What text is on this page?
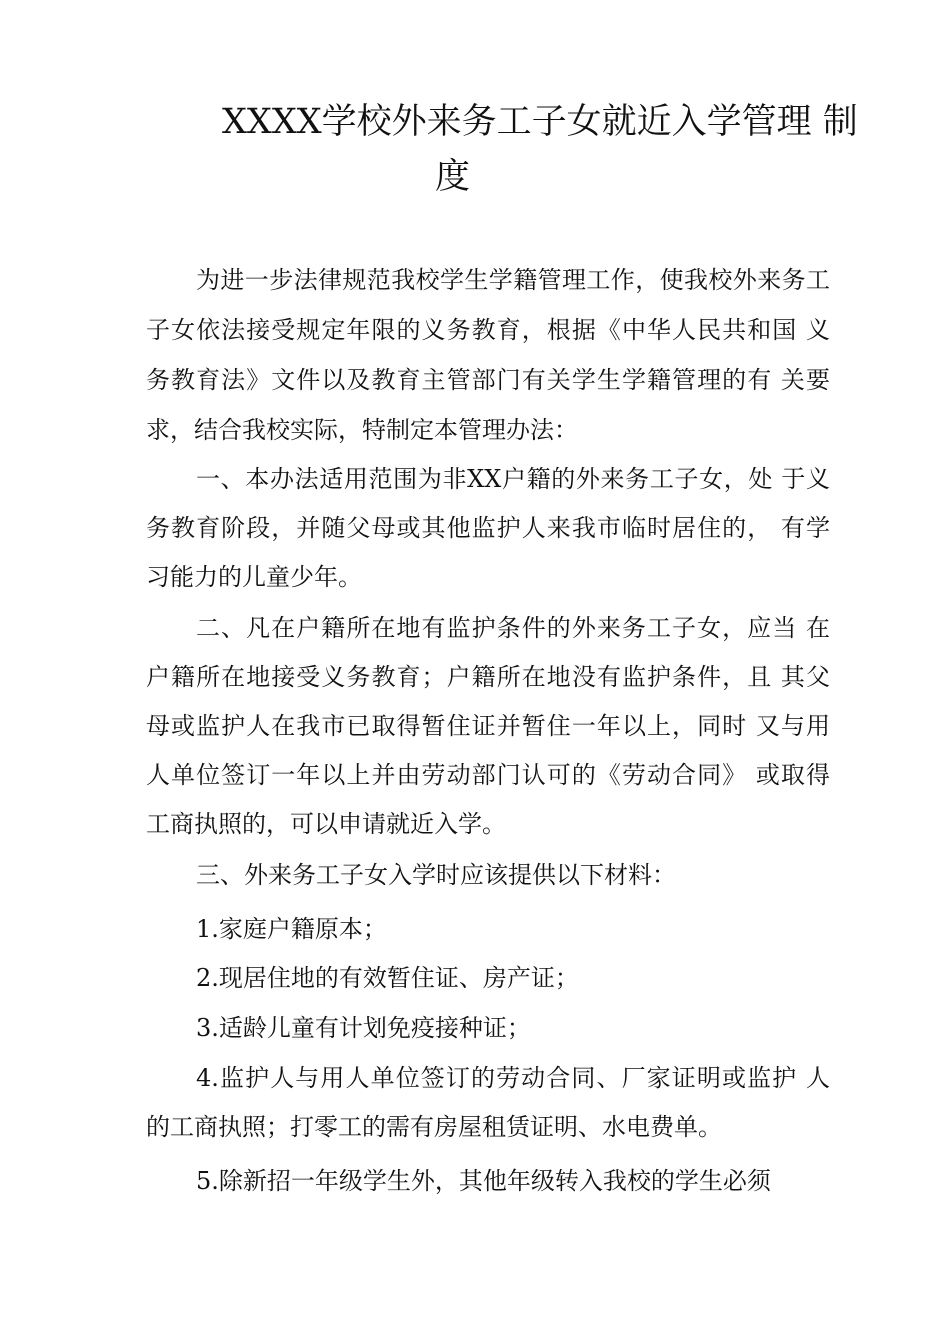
XXXX学校外来务工子女就近入学管理 制
度
为进一步法律规范我校学生学籍管理工作，使我校外来务工
子女依法接受规定年限的义务教育，根据《中华人民共和国 义
务教育法》文件以及教育主管部门有关学生学籍管理的有 关要
求，结合我校实际，特制定本管理办法：
一、本办法适用范围为非XX户籍的外来务工子女，处 于义
务教育阶段，并随父母或其他监护人来我市临时居住的， 有学
习能力的儿童少年。
二、凡在户籍所在地有监护条件的外来务工子女，应当 在
户籍所在地接受义务教育；户籍所在地没有监护条件，且 其父
母或监护人在我市已取得暂住证并暂住一年以上，同时 又与用
人单位签订一年以上并由劳动部门认可的《劳动合同》 或取得
工商执照的，可以申请就近入学。
三、外来务工子女入学时应该提供以下材料：
1.家庭户籍原本；
2.现居住地的有效暂住证、房产证；
3.适龄儿童有计划免疫接种证；
4.监护人与用人单位签订的劳动合同、厂家证明或监护 人
的工商执照；打零工的需有房屋租赁证明、水电费单。
5.除新招一年级学生外，其他年级转入我校的学生必须
